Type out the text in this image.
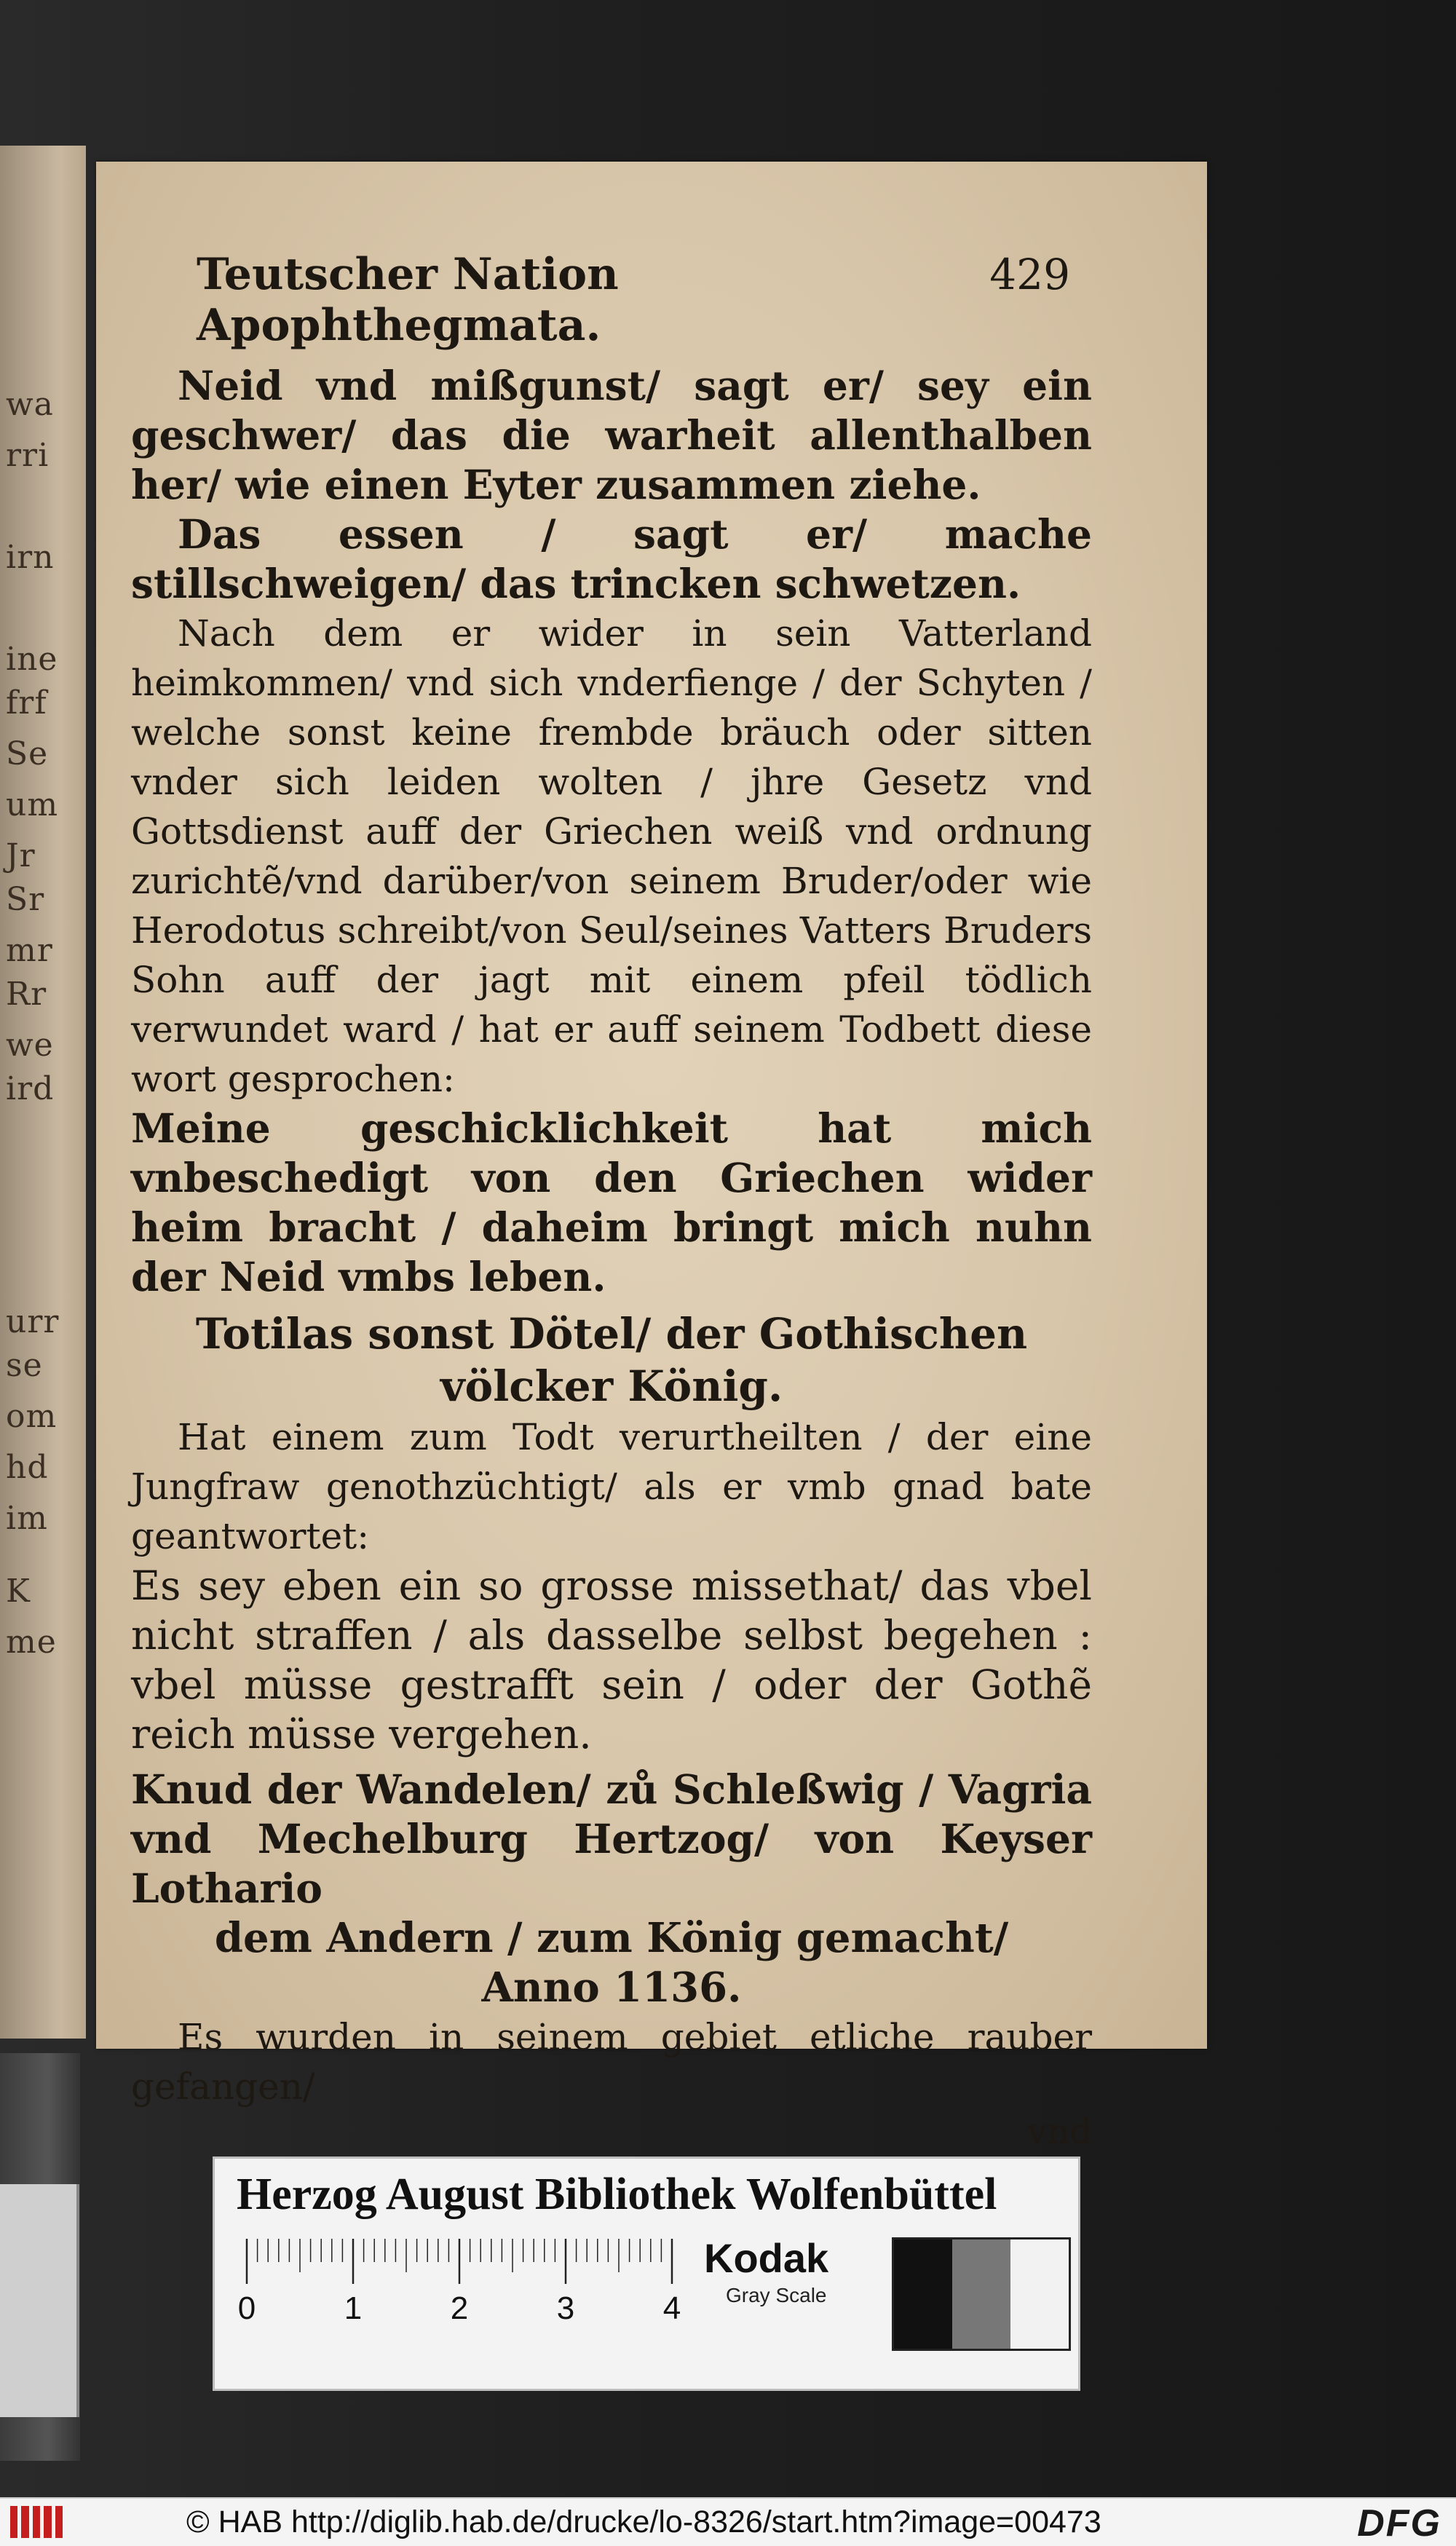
wa
rri
irn
ine
frf
Se
um
Jr
Sr
mr
Rr
we
ird
urr
se
om
hd
im
K
me
Teutscher Nation Apophthegmata.
429
Neid vnd mißgunst/ sagt er/ sey ein geschwer/ das die warheit allenthalben her/ wie einen Eyter zusammen ziehe.
Das essen / sagt er/ mache stillschweigen/ das trincken schwetzen.
Nach dem er wider in sein Vatterland heimkommen/ vnd sich vnderfienge / der Schyten / welche sonst keine frembde bräuch oder sitten vnder sich leiden wolten / jhre Gesetz vnd Gottsdienst auff der Griechen weiß vnd ordnung zurichtẽ/vnd darüber/von seinem Bruder/oder wie Herodotus schreibt/von Seul/seines Vatters Bruders Sohn auff der jagt mit einem pfeil tödlich verwundet ward / hat er auff seinem Todbett diese wort gesprochen:
Meine geschicklichkeit hat mich vnbeschedigt von den Griechen wider heim bracht / daheim bringt mich nuhn der Neid vmbs leben.
Totilas sonst Dötel/ der Gothischen völcker König.
Hat einem zum Todt verurtheilten / der eine Jungfraw genothzüchtigt/ als er vmb gnad bate geantwortet:
Es sey eben ein so grosse missethat/ das vbel nicht straffen / als dasselbe selbst begehen : vbel müsse gestrafft sein / oder der Gothẽ reich müsse vergehen.
Knud der Wandelen/ zů Schleßwig / Vagria vnd Mechelburg Hertzog/ von Keyser Lothario
dem Andern / zum König gemacht/
Anno 1136.
Es wurden in seinem gebiet etliche rauber gefangen/
vnd
Herzog August Bibliothek Wolfenbüttel
0	1	2	3	4
Kodak
Gray Scale
© HAB http://diglib.hab.de/drucke/lo-8326/start.htm?image=00473	DFG
